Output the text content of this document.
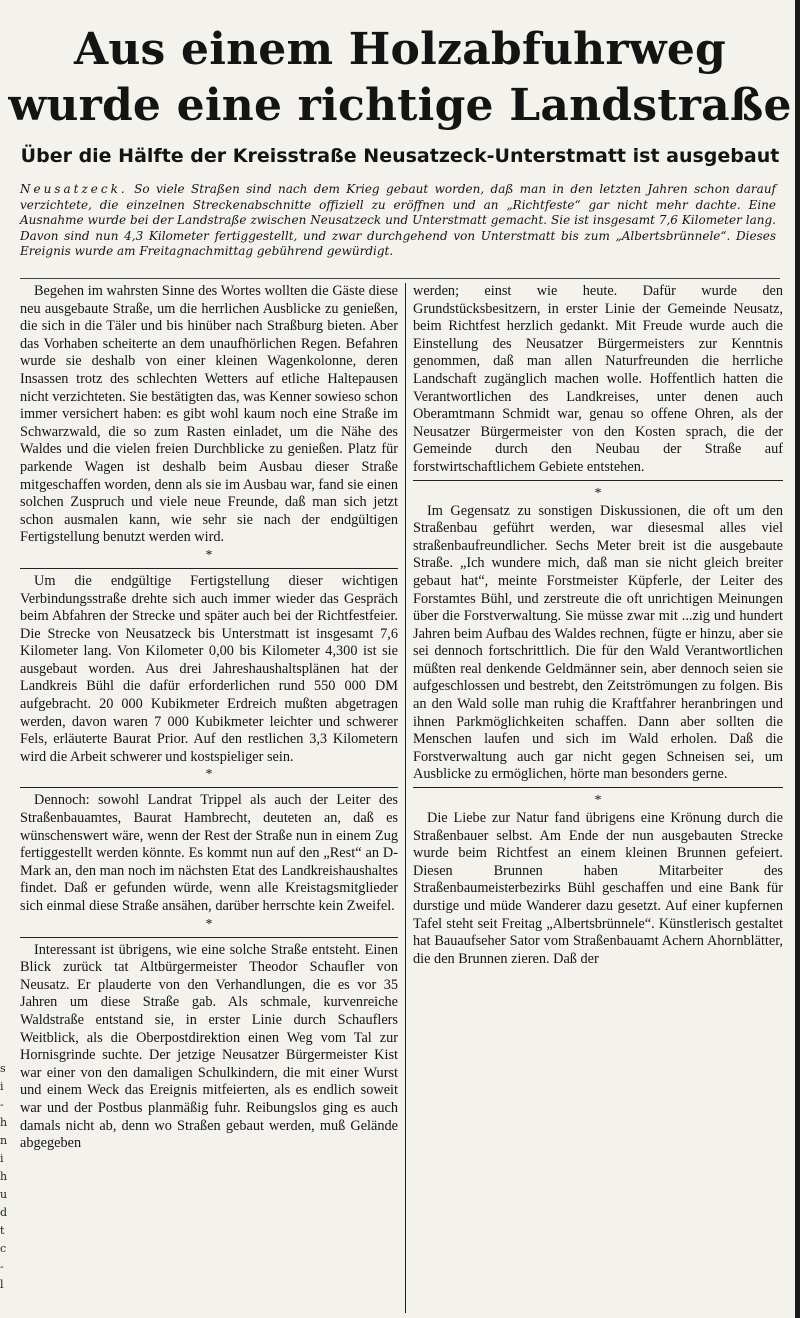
Aus einem Holzabfuhrweg
wurde eine richtige Landstraße
Über die Hälfte der Kreisstraße Neusatzeck-Unterstmatt ist ausgebaut
Neusatzeck. So viele Straßen sind nach dem Krieg gebaut worden, daß man in den letzten Jahren schon darauf verzichtete, die einzelnen Streckenabschnitte offiziell zu eröffnen und an „Richtfeste“ gar nicht mehr dachte. Eine Ausnahme wurde bei der Landstraße zwischen Neusatzeck und Unterstmatt gemacht. Sie ist insgesamt 7,6 Kilometer lang. Davon sind nun 4,3 Kilometer fertiggestellt, und zwar durchgehend von Unterstmatt bis zum „Albertsbrünnele“. Dieses Ereignis wurde am Freitagnachmittag gebührend gewürdigt.

Begehen im wahrsten Sinne des Wortes wollten die Gäste diese neu ausgebaute Straße, um die herrlichen Ausblicke zu genießen, die sich in die Täler und bis hinüber nach Straßburg bieten. Aber das Vorhaben scheiterte an dem unaufhörlichen Regen. Befahren wurde sie deshalb von einer kleinen Wagenkolonne, deren Insassen trotz des schlechten Wetters auf etliche Haltepausen nicht verzichteten. Sie bestätigten das, was Kenner sowieso schon immer versichert haben: es gibt wohl kaum noch eine Straße im Schwarzwald, die so zum Rasten einladet, um die Nähe des Waldes und die vielen freien Durchblicke zu genießen. Platz für parkende Wagen ist deshalb beim Ausbau dieser Straße mitgeschaffen worden, denn als sie im Ausbau war, fand sie einen solchen Zuspruch und viele neue Freunde, daß man sich jetzt schon ausmalen kann, wie sehr sie nach der endgültigen Fertigstellung benutzt werden wird.

*

Um die endgültige Fertigstellung dieser wichtigen Verbindungsstraße drehte sich auch immer wieder das Gespräch beim Abfahren der Strecke und später auch bei der Richtfestfeier. Die Strecke von Neusatzeck bis Unterstmatt ist insgesamt 7,6 Kilometer lang. Von Kilometer 0,00 bis Kilometer 4,300 ist sie ausgebaut worden. Aus drei Jahreshaushaltsplänen hat der Landkreis Bühl die dafür erforderlichen rund 550 000 DM aufgebracht. 20 000 Kubikmeter Erdreich mußten abgetragen werden, davon waren 7 000 Kubikmeter leichter und schwerer Fels, erläuterte Baurat Prior. Auf den restlichen 3,3 Kilometern wird die Arbeit schwerer und kostspieliger sein.

*

Dennoch: sowohl Landrat Trippel als auch der Leiter des Straßenbauamtes, Baurat Hambrecht, deuteten an, daß es wünschenswert wäre, wenn der Rest der Straße nun in einem Zug fertiggestellt werden könnte. Es kommt nun auf den „Rest“ an D-Mark an, den man noch im nächsten Etat des Landkreishaushaltes findet. Daß er gefunden würde, wenn alle Kreistagsmitglieder sich einmal diese Straße ansähen, darüber herrschte kein Zweifel.

*

Interessant ist übrigens, wie eine solche Straße entsteht. Einen Blick zurück tat Altbürgermeister Theodor Schaufler von Neusatz. Er plauderte von den Verhandlungen, die es vor 35 Jahren um diese Straße gab. Als schmale, kurvenreiche Waldstraße entstand sie, in erster Linie durch Schauflers Weitblick, als die Oberpostdirektion einen Weg vom Tal zur Hornisgrinde suchte. Der jetzige Neusatzer Bürgermeister Kist war einer von den damaligen Schulkindern, die mit einer Wurst und einem Weck das Ereignis mitfeierten, als es endlich soweit war und der Postbus planmäßig fuhr. Reibungslos ging es auch damals nicht ab, denn wo Straßen gebaut werden, muß Gelände abgegeben

werden; einst wie heute. Dafür wurde den Grundstücksbesitzern, in erster Linie der Gemeinde Neusatz, beim Richtfest herzlich gedankt. Mit Freude wurde auch die Einstellung des Neusatzer Bürgermeisters zur Kenntnis genommen, daß man allen Naturfreunden die herrliche Landschaft zugänglich machen wolle. Hoffentlich hatten die Verantwortlichen des Landkreises, unter denen auch Oberamtmann Schmidt war, genau so offene Ohren, als der Neusatzer Bürgermeister von den Kosten sprach, die der Gemeinde durch den Neubau der Straße auf forstwirtschaftlichem Gebiete entstehen.

*

Im Gegensatz zu sonstigen Diskussionen, die oft um den Straßenbau geführt werden, war diesesmal alles viel straßenbaufreundlicher. Sechs Meter breit ist die ausgebaute Straße. „Ich wundere mich, daß man sie nicht gleich breiter gebaut hat“, meinte Forstmeister Küpferle, der Leiter des Forstamtes Bühl, und zerstreute die oft unrichtigen Meinungen über die Forstverwaltung. Sie müsse zwar mit ...zig und hundert Jahren beim Aufbau des Waldes rechnen, fügte er hinzu, aber sie sei dennoch fortschrittlich. Die für den Wald Verantwortlichen müßten real denkende Geldmänner sein, aber dennoch seien sie aufgeschlossen und bestrebt, den Zeitströmungen zu folgen. Bis an den Wald solle man ruhig die Kraftfahrer heranbringen und ihnen Parkmöglichkeiten schaffen. Dann aber sollten die Menschen laufen und sich im Wald erholen. Daß die Forstverwaltung auch gar nicht gegen Schneisen sei, um Ausblicke zu ermöglichen, hörte man besonders gerne.

*

Die Liebe zur Natur fand übrigens eine Krönung durch die Straßenbauer selbst. Am Ende der nun ausgebauten Strecke wurde beim Richtfest an einem kleinen Brunnen gefeiert. Diesen Brunnen haben Mitarbeiter des Straßenbaumeisterbezirks Bühl geschaffen und eine Bank für durstige und müde Wanderer dazu gesetzt. Auf einer kupfernen Tafel steht seit Freitag „Albertsbrünnele“. Künstlerisch gestaltet hat Bauaufseher Sator vom Straßenbauamt Achern Ahornblätter, die den Brunnen zieren. Daß der

s
i
-
h
n
i
h
u
d
t
c
-
l
